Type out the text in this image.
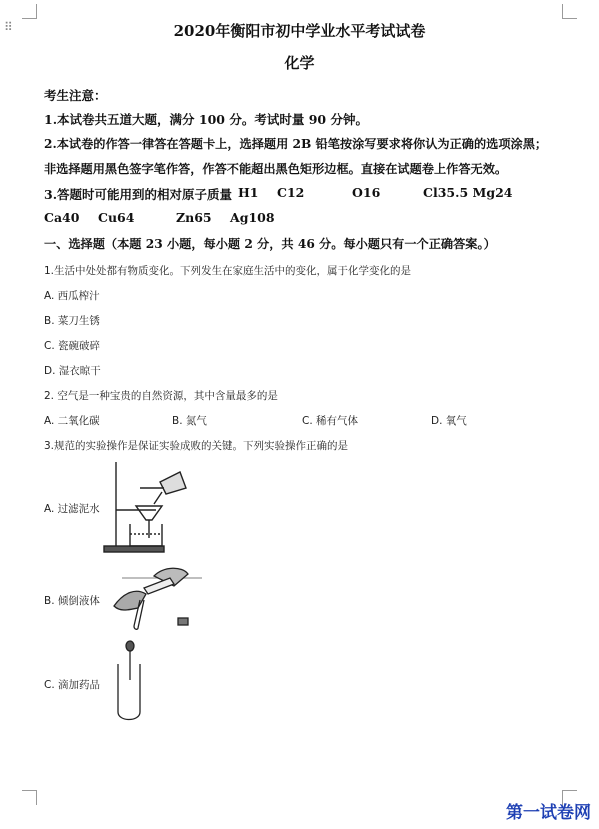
⠿	2020年衡阳市初中学业水平考试试卷
化学
考生注意：
1.本试卷共五道大题，满分 100 分。考试时量 90 分钟。
2.本试卷的作答一律答在答题卡上，选择题用 2B 铅笔按涂写要求将你认为正确的选项涂黑；
非选择题用黑色签字笔作答，作答不能超出黑色矩形边框。直接在试题卷上作答无效。
3.答题时可能用到的相对原子质量 H1 C12	O16	Cl35.5 Mg24
Ca40 Cu64	Zn65 Ag108
一、选择题（本题 23 小题，每小题 2 分，共 46 分。每小题只有一个正确答案。）
1.生活中处处都有物质变化。下列发生在家庭生活中的变化，属于化学变化的是
A. 西瓜榨汁
B. 菜刀生锈
C. 瓷碗破碎
D. 湿衣晾干
2. 空气是一种宝贵的自然资源，其中含量最多的是
A. 二氧化碳	B. 氮气	C. 稀有气体	D. 氧气
3.规范的实验操作是保证实验成败的关键。下列实验操作正确的是
A. 过滤泥水
B. 倾倒液体
C. 滴加药品
第一试卷网
